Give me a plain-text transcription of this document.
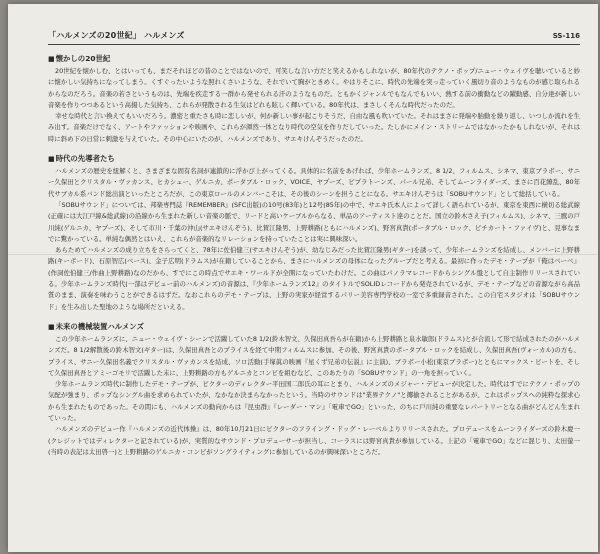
「ハルメンズの20世紀」 ハルメンズ	SS-116
■ 懐かしの20世紀

20世紀を懐かしむ、とはいっても、まだそれほどの昔のことではないので、可笑しな言い方だと笑えるかもしれないが、80年代のテクノ・ポップ/ニュー・ウェイヴを聴いていると妙に懐かしい気持ちになってしまう。くすぐったいような照れくさいような、それでいて胸がときめく。やはりそこに、時代の先端を突っ走っていく風切り音のようなものが感じ取られるからなのだろう。音楽の若さというものは、先端を疾走する一群から発せられる汗のようなものだ。ともかくジャンルでもなんでもいい、熱する前の衝動などの躍動感、自分達が新しい音楽を作りつつあるという高揚した気持ち、これらが発散される生気はどれも眩しく輝いている。80年代は、まさしくそんな時代だったのだ。

幸せな時代と言い換えてもいいだろう。濃密と重たさも時に恋しいが、何か新しい事が起こりそうだ、自由な風も吹いていた。それはまさに発端や胎動を繰り返し、いつしか流れを生み出す。音楽だけでなく、アートやファッションや映画や、これらが渾然一体となり時代の空気を作りだしていった。たしかにメイン・ストリームではなかったかもしれないが、それは時に斜め下の日常に刺激を与えていた。その中心にいたのが、ハルメンズであり、サエキけんぞうだったのだ。

■ 時代の先導者たち

ハルメンズの歴史を紐解くと、さまざまな固有名詞が連鎖的に浮かび上がってくる。具体的に名前をあげれば、少年ホームランズ、8 1/2、フィルムス、シネマ、東京ブラボー、サニー久保田とクリスタル・ヴァカンス、ヒカシュー、ゲルニカ、ポータブル・ロック、VOICE、ヤプーズ、ピプラトーンズ、パール兄弟、そしてムーンライダーズ、まさに百花繚乱、80年代サブカル系バンド総出演といったところだが、この東京ロールのメンバーこそは、その後のシーンを担うことになる。サエキけんぞうは「SOBUサウンド」として総括している。

「SOBUサウンド」については、邦楽専門誌『REMEMBER』(SFC出版)の10号(83年)と12号(85年)の中で、サエキ氏本人によって詳しく語られているが、東京を東西に横切る総武線(正確には大江戸線&総武線)の沿線から生まれた新しい音楽の脈で、リードと高いケーブルからなる、単品のアーティスト達のことだ。国立の鈴木さえ子(フィルムス)、シネマ、三鷹の戸川純(ゲルニカ、ヤプーズ)、そして市川・千葉の沖山(サエキけんぞう)、比賀江隆男、上野耕路(ともにハルメンズ)、野宮真貴(ポータブル・ロック、ピチカート・ファイヴ)と、見事なまでに驚かっている。単純な偶然とはいえ、これらが音楽的なリレーションを持っていたことは実に興味深い。

あらためてハルメンズの成り立ちをさらってくと、78年に佐伯健三(サエキけんぞう)が、幼なじみだった比賀江隆男(ギター)を誘って、少年ホームランズを結成し、メンバーに上野耕路(キーボード)、石原智広(ベース)、金子広明(ドラムス)が在籍していることから、まさにハルメンズの母体になったグループだと考える。最初に作ったデモ・テープが『俺はベーベ』(作詞佐伯健三/作曲上野耕路)なのだから、すでにこの時点でサエキ・ワールドが全開になっていたわけだ。この曲はパノラマレコードからシングル盤として自主制作リリースされている。少年ホームランズ時代(一部はデビュー前のハルメンズ)の音源は、『少年ホームランズ12』のタイトルでSOLIDレコードから発売されているが、デモ・テープなどの音源ながら高品質のまま、演奏を味わうことができるはずだ。なおこれらのデモ・テープは、上野の実家が経営するパリー美容専門学校の一室で多重録音された。この自宅スタジオは「SOBUサウンド」を生み出した聖地のような場所だといえる。

■ 未来の機械装置ハルメンズ

この少年ホームランズに、ニュー・ウェイヴ・シーンで活躍していた8 1/2(鈴木智文、久保田真吾らが在籍)から上野耕路と泉水敏郎(ドラムス)とが合流して形で結成されたのがハルメンズだ。8 1/2解散後の鈴木智文(ギター)は、久保田真吾とのプライスを経て中期フィルムスに参加、その後、野宮真貴のポータブル・ロックを結成し、久保田真吾(ヴォーカル)の方も、プライス、サニー久保田名義でクリスタル・ヴァカンスを結成、ソロ活動(手塚眞の映画『星くず兄弟の伝説』に主演)、ブラボー小松(東京ブラボー)とともにマックス・ビートを、そして久保田真吾とアミーゴモリで活躍した末に、上野耕路の方もゲルニカとコンビを組むなど、このあたりの「SOBUサウンド」の一角を担っていく。

少年ホームランズ時代に制作したデモ・テープが、ビクターのディレクター平田国二郎氏の耳にとまり、ハルメンズのメジャー・デビューが決定した。時代はすでにテクノ・ポップの気配が強まり、ポップなシングル曲を求められていたが、なかなか決まらなかったという。当時のサウンドは"業界テクノ"と揶揄されることがあるが、これはポップスへの純粋な探求心から生まれたものであった。その間にも、ハルメンズの動向からは『昆虫群』『レーダー・マン』「電車でGO」といった、のちに戸川純の重要なレパートリーとなる曲がどんどん生まれていった。

ハルメンズのデビュー作『ハルメンズの近代体操』は、80年10月21日にビクターのフライング・ドッグ・レーベルよりリリースされた。プロデュースをムーンライダーズの鈴木慶一(クレジットではディレクターと記されている)が、実質的なサウンド・プロデューサーが担当し、コーラスには野宮真貴が参加している。上記の「電車でGO」などに混じり、太田螢一(当時の表記は太田啓一)と上野耕路のゲルニカ・コンビがソングライティングに参加しているのが興味深いところだ。
